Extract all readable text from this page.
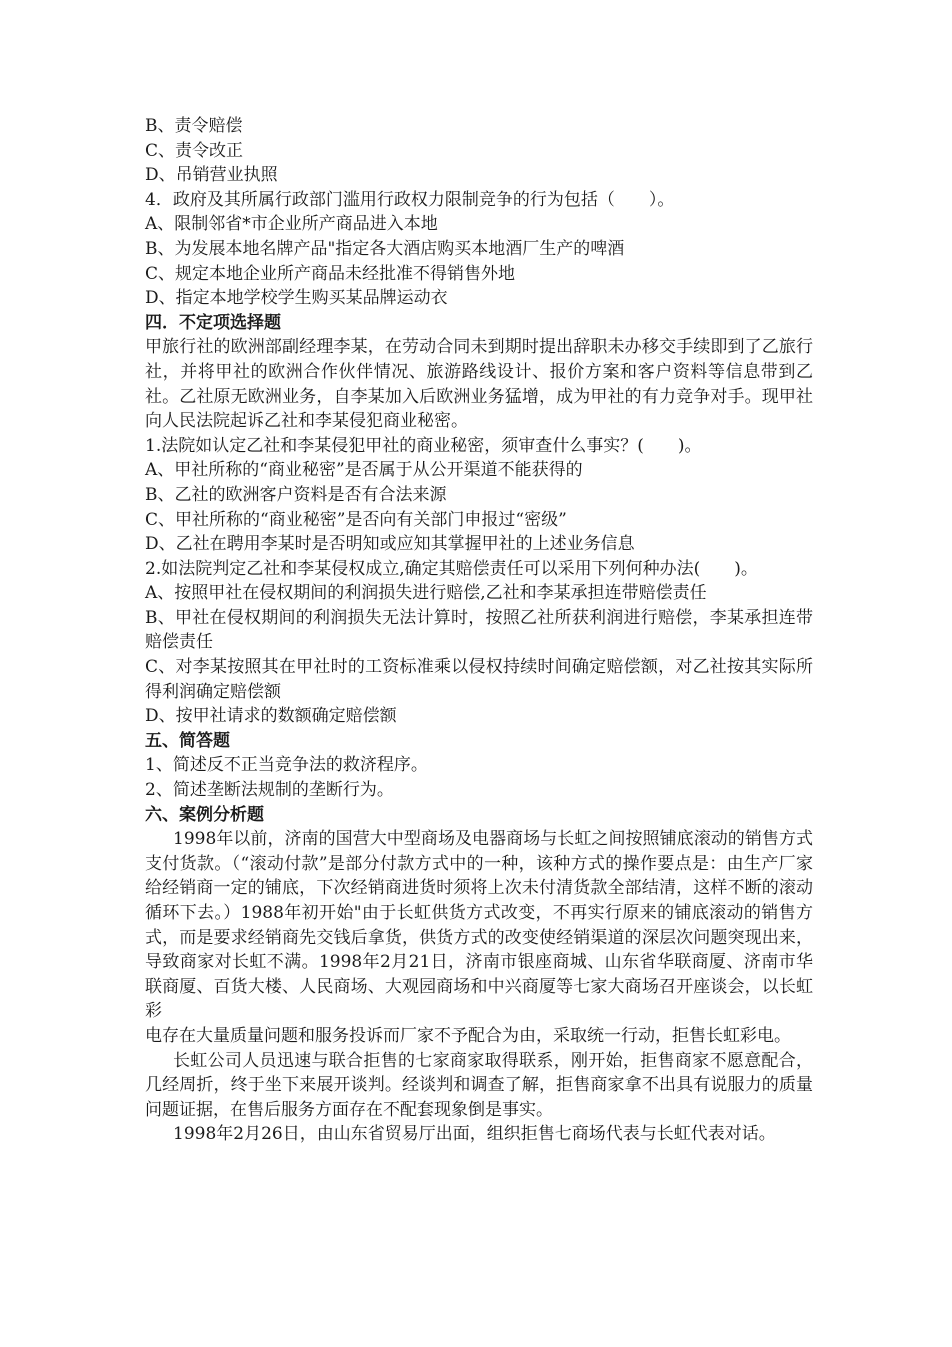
B、责令赔偿

C、责令改正

D、吊销营业执照

4．政府及其所属行政部门滥用行政权力限制竞争的行为包括（　　）。

A、限制邻省*市企业所产商品进入本地

B、为发展本地名牌产品"指定各大酒店购买本地酒厂生产的啤酒

C、规定本地企业所产商品未经批准不得销售外地

D、指定本地学校学生购买某品牌运动衣

四．不定项选择题

甲旅行社的欧洲部副经理李某，在劳动合同未到期时提出辞职未办移交手续即到了乙旅行社，并将甲社的欧洲合作伙伴情况、旅游路线设计、报价方案和客户资料等信息带到乙社。乙社原无欧洲业务，自李某加入后欧洲业务猛增，成为甲社的有力竞争对手。现甲社向人民法院起诉乙社和李某侵犯商业秘密。

1.法院如认定乙社和李某侵犯甲社的商业秘密，须审查什么事实？(　　)。

A、甲社所称的“商业秘密”是否属于从公开渠道不能获得的

B、乙社的欧洲客户资料是否有合法来源

C、甲社所称的“商业秘密”是否向有关部门申报过“密级”

D、乙社在聘用李某时是否明知或应知其掌握甲社的上述业务信息

2.如法院判定乙社和李某侵权成立,确定其赔偿责任可以采用下列何种办法(　　)。

A、按照甲社在侵权期间的利润损失进行赔偿,乙社和李某承担连带赔偿责任

B、甲社在侵权期间的利润损失无法计算时，按照乙社所获利润进行赔偿，李某承担连带赔偿责任

C、对李某按照其在甲社时的工资标准乘以侵权持续时间确定赔偿额，对乙社按其实际所得利润确定赔偿额

D、按甲社请求的数额确定赔偿额

五、简答题

1、简述反不正当竞争法的救济程序。

2、简述垄断法规制的垄断行为。

六、案例分析题

1998年以前，济南的国营大中型商场及电器商场与长虹之间按照铺底滚动的销售方式支付货款。（“滚动付款”是部分付款方式中的一种，该种方式的操作要点是：由生产厂家给经销商一定的铺底，下次经销商进货时须将上次未付清货款全部结清，这样不断的滚动循环下去。）1988年初开始"由于长虹供货方式改变，不再实行原来的铺底滚动的销售方式，而是要求经销商先交钱后拿货，供货方式的改变使经销渠道的深层次问题突现出来，导致商家对长虹不满。1998年2月21日，济南市银座商城、山东省华联商厦、济南市华联商厦、百货大楼、人民商场、大观园商场和中兴商厦等七家大商场召开座谈会，以长虹彩

电存在大量质量问题和服务投诉而厂家不予配合为由，采取统一行动，拒售长虹彩电。

长虹公司人员迅速与联合拒售的七家商家取得联系，刚开始，拒售商家不愿意配合，几经周折，终于坐下来展开谈判。经谈判和调查了解，拒售商家拿不出具有说服力的质量问题证据，在售后服务方面存在不配套现象倒是事实。

1998年2月26日，由山东省贸易厅出面，组织拒售七商场代表与长虹代表对话。
